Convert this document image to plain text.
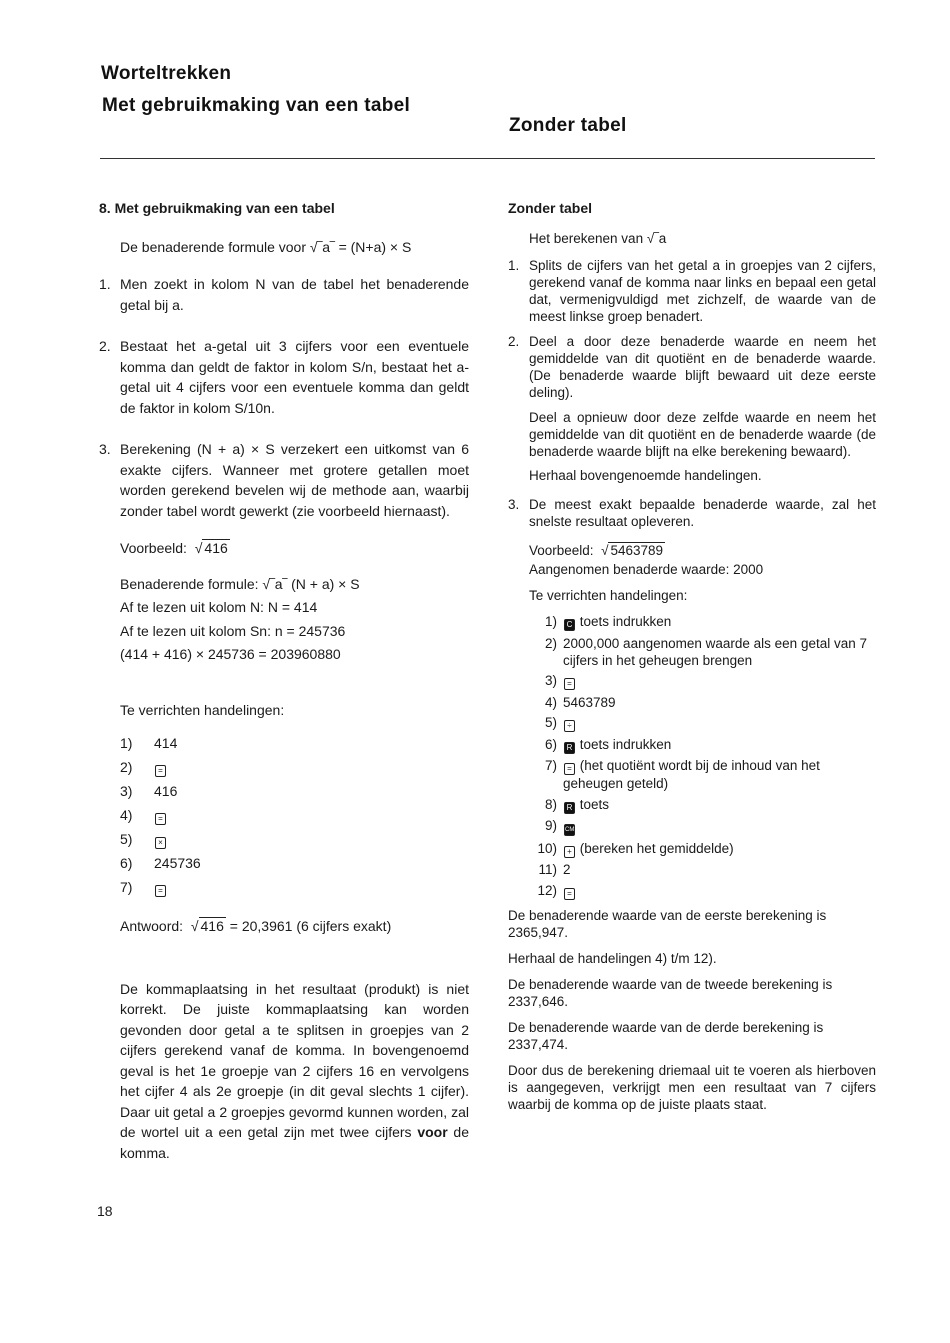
Worteltrekken
Met gebruikmaking van een tabel
Zonder tabel
8. Met gebruikmaking van een tabel
De benaderende formule voor √‾a‾ = (N+a) × S
1. Men zoekt in kolom N van de tabel het benaderende getal bij a.
2. Bestaat het a-getal uit 3 cijfers voor een eventuele komma dan geldt de faktor in kolom S/n, bestaat het a-getal uit 4 cijfers voor een eventuele komma dan geldt de faktor in kolom S/10n.
3. Berekening (N + a) × S verzekert een uitkomst van 6 exakte cijfers. Wanneer met grotere getallen moet worden gerekend bevelen wij de methode aan, waarbij zonder tabel wordt gewerkt (zie voorbeeld hiernaast).
Voorbeeld:  √ 416
Benaderende formule: √‾a‾ (N + a) × S
Af te lezen uit kolom N: N = 414
Af te lezen uit kolom Sn: n = 245736
(414 + 416) × 245736 = 203960880
Te verrichten handelingen:
1) 414
2)	=
3) 416
4)	=
5)	×
6) 245736
7)	=
Antwoord:  √ 416 = 20,3961 (6 cijfers exakt)
De kommaplaatsing in het resultaat (produkt) is niet korrekt. De juiste kommaplaatsing kan worden gevonden door getal a te splitsen in groepjes van 2 cijfers gerekend vanaf de komma. In bovengenoemd geval is het 1e groepje van 2 cijfers 16 en vervolgens het cijfer 4 als 2e groepje (in dit geval slechts 1 cijfer). Daar uit getal a 2 groepjes gevormd kunnen worden, zal de wortel uit a een getal zijn met twee cijfers voor de komma.
Zonder tabel
Het berekenen van √‾a
1. Splits de cijfers van het getal a in groepjes van 2 cijfers, gerekend vanaf de komma naar links en bepaal een getal dat, vermenigvuldigd met zichzelf, de waarde van de meest linkse groep benadert.
2. Deel a door deze benaderde waarde en neem het gemiddelde van dit quotiënt en de benaderde waarde. (De benaderde waarde blijft bewaard uit deze eerste deling).
Deel a opnieuw door deze zelfde waarde en neem het gemiddelde van dit quotiënt en de benaderde waarde (de benaderde waarde blijft na elke berekening bewaard).
Herhaal bovengenoemde handelingen.
3. De meest exakt bepaalde benaderde waarde, zal het snelste resultaat opleveren.
Voorbeeld:  √ 5463789
Aangenomen benaderde waarde: 2000
Te verrichten handelingen:
1) C toets indrukken
2) 2000,000 aangenomen waarde als een getal van 7 cijfers in het geheugen brengen
3) =
4) 5463789
5) ÷
6) R toets indrukken
7) = (het quotiënt wordt bij de inhoud van het geheugen geteld)
8) R toets
9) CM
10) + (bereken het gemiddelde)
11) 2
12) =
De benaderende waarde van de eerste berekening is 2365,947.
Herhaal de handelingen 4) t/m 12).
De benaderende waarde van de tweede berekening is 2337,646.
De benaderende waarde van de derde berekening is 2337,474.
Door dus de berekening driemaal uit te voeren als hierboven is aangegeven, verkrijgt men een resultaat van 7 cijfers waarbij de komma op de juiste plaats staat.
18
